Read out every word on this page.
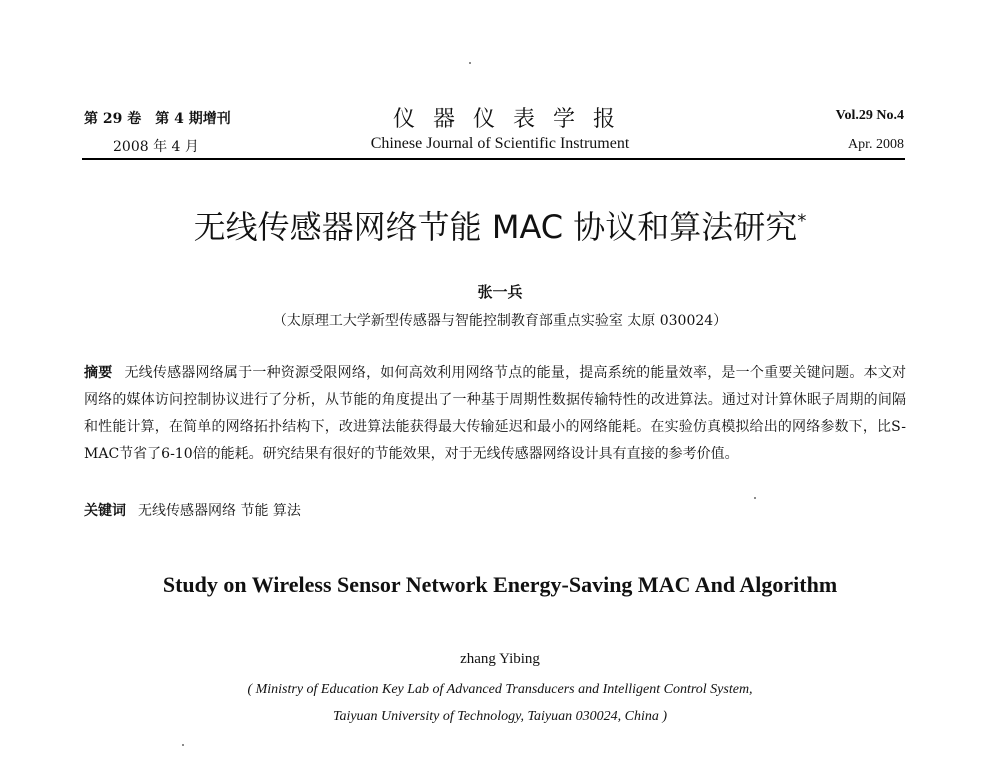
第 29 卷　第 4 期增刊
2008 年 4 月
仪器仪表学报
Chinese Journal of Scientific Instrument
Vol.29 No.4
Apr. 2008
无线传感器网络节能 MAC 协议和算法研究*
张一兵
（太原理工大学新型传感器与智能控制教育部重点实验室 太原 030024）
摘要 无线传感器网络属于一种资源受限网络，如何高效利用网络节点的能量，提高系统的能量效率，是一个重要关键问题。本文对网络的媒体访问控制协议进行了分析，从节能的角度提出了一种基于周期性数据传输特性的改进算法。通过对计算休眠子周期的间隔和性能计算，在简单的网络拓扑结构下，改进算法能获得最大传输延迟和最小的网络能耗。在实验仿真模拟给出的网络参数下，比S-MAC节省了6-10倍的能耗。研究结果有很好的节能效果，对于无线传感器网络设计具有直接的参考价值。
关键词 无线传感器网络 节能 算法
Study on Wireless Sensor Network Energy-Saving MAC And Algorithm
zhang Yibing
( Ministry of Education Key Lab of Advanced Transducers and Intelligent Control System,
Taiyuan University of Technology, Taiyuan 030024, China )
